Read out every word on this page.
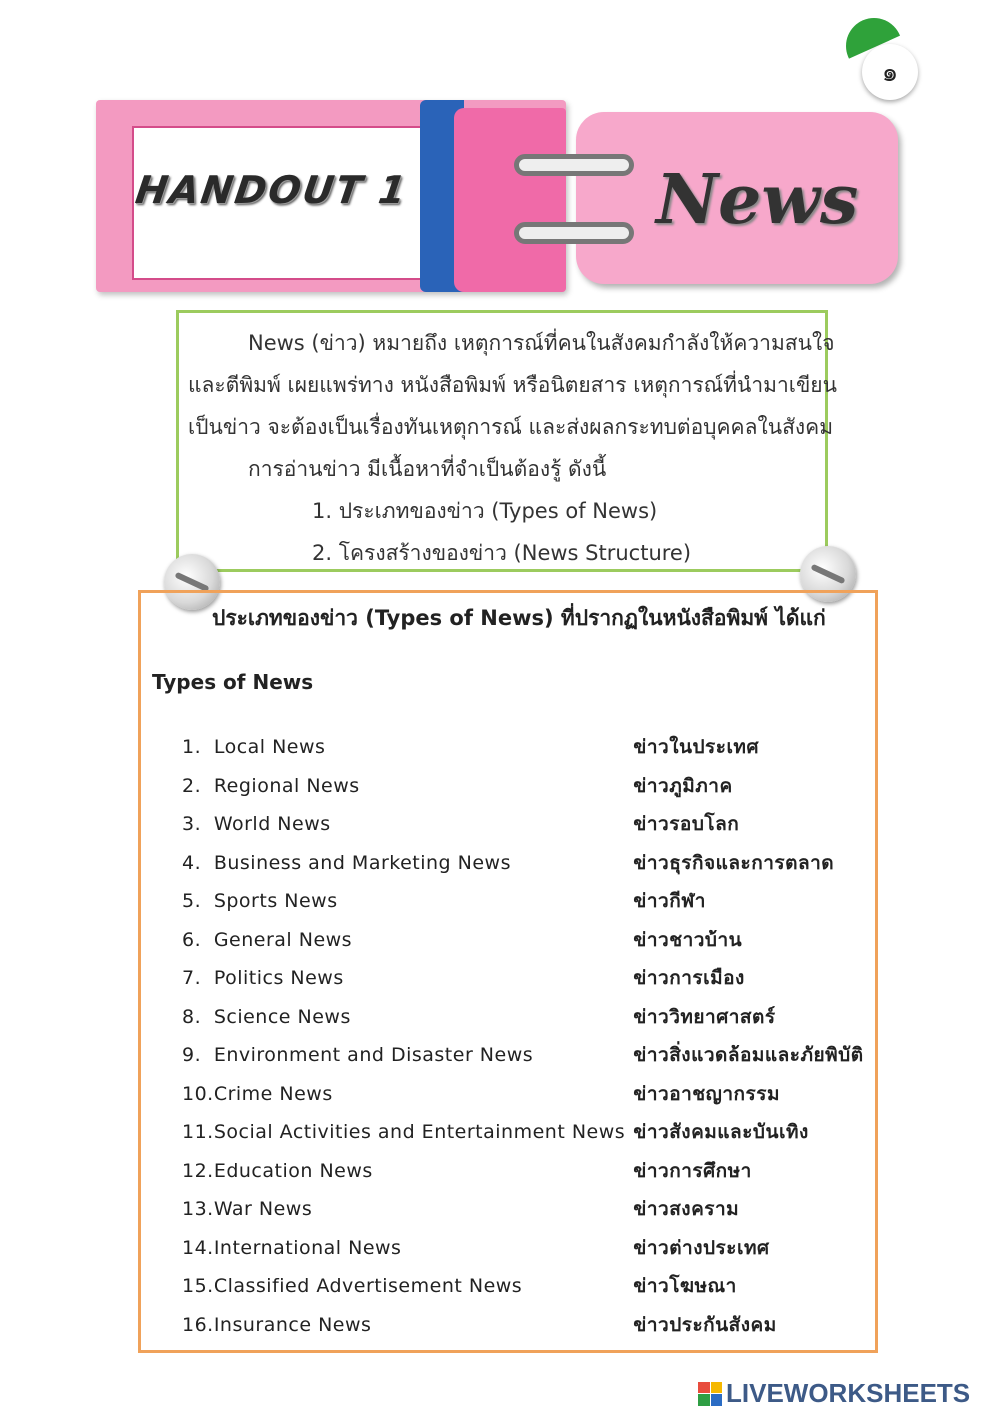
๑
HANDOUT 1	News

News (ข่าว) หมายถึง เหตุการณ์ที่คนในสังคมกำลังให้ความสนใจ

และตีพิมพ์ เผยแพร่ทาง หนังสือพิมพ์ หรือนิตยสาร เหตุการณ์ที่นำมาเขียน

เป็นข่าว จะต้องเป็นเรื่องทันเหตุการณ์ และส่งผลกระทบต่อบุคคลในสังคม

การอ่านข่าว มีเนื้อหาที่จำเป็นต้องรู้ ดังนี้

1. ประเภทของข่าว (Types of News)

2. โครงสร้างของข่าว (News Structure)

ประเภทของข่าว (Types of News) ที่ปรากฏในหนังสือพิมพ์ ได้แก่
Types of News
1. Local News	ข่าวในประเทศ
2. Regional News	ข่าวภูมิภาค
3. World News	ข่าวรอบโลก
4. Business and Marketing News	ข่าวธุรกิจและการตลาด
5. Sports News	ข่าวกีฬา
6. General News	ข่าวชาวบ้าน
7. Politics News	ข่าวการเมือง
8. Science News	ข่าววิทยาศาสตร์
9. Environment and Disaster News	ข่าวสิ่งแวดล้อมและภัยพิบัติ
10. Crime News	ข่าวอาชญากรรม
11. Social Activities and Entertainment News ข่าวสังคมและบันเทิง
12. Education News	ข่าวการศึกษา
13. War News	ข่าวสงคราม
14. International News	ข่าวต่างประเทศ
15. Classified Advertisement News	ข่าวโฆษณา
16. Insurance News	ข่าวประกันสังคม
LIVEWORKSHEETS
